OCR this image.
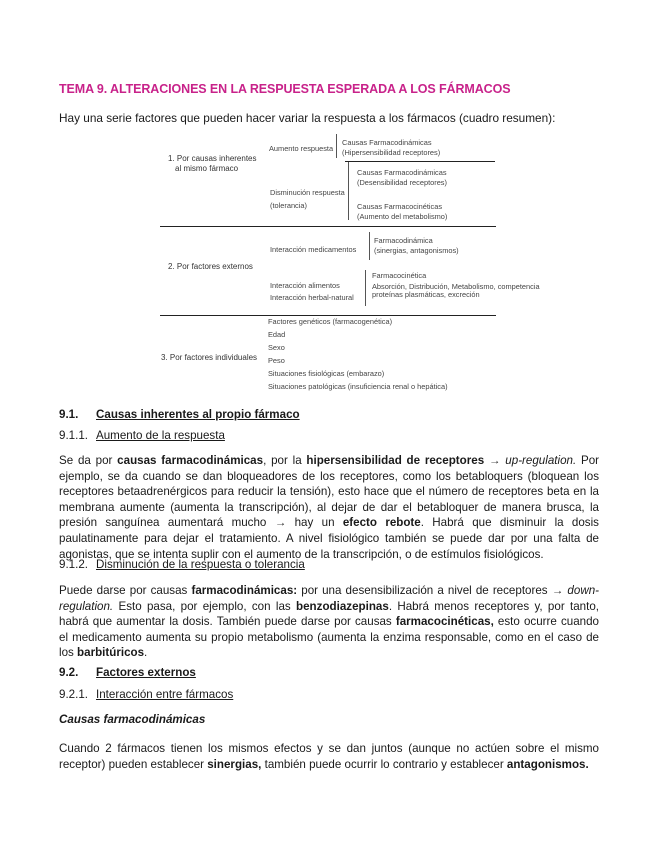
TEMA 9. ALTERACIONES EN LA RESPUESTA ESPERADA A LOS FÁRMACOS
Hay una serie factores que pueden hacer variar la respuesta a los fármacos (cuadro resumen):
1. Por causas inherentes
al mismo fármaco
Aumento respuesta
Causas Farmacodinámicas
(Hipersensibilidad receptores)
Disminución respuesta
(tolerancia)
Causas Farmacodinámicas
(Desensibilidad receptores)
Causas Farmacocinéticas
(Aumento del metabolismo)
2. Por factores externos
Interacción medicamentos
Farmacodinámica
(sinergias, antagonismos)
Interacción alimentos
Interacción herbal-natural
Farmacocinética
Absorción, Distribución, Metabolismo, competencia
proteínas plasmáticas, excreción
3. Por factores individuales
Factores genéticos (farmacogenética)
Edad
Sexo
Peso
Situaciones fisiológicas (embarazo)
Situaciones patológicas (insuficiencia renal o hepática)
9.1. Causas inherentes al propio fármaco
9.1.1. Aumento de la respuesta
Se da por causas farmacodinámicas, por la hipersensibilidad de receptores → up-regulation. Por ejemplo, se da cuando se dan bloqueadores de los receptores, como los betabloquers (bloquean los receptores betaadrenérgicos para reducir la tensión), esto hace que el número de receptores beta en la membrana aumente (aumenta la transcripción), al dejar de dar el betabloquer de manera brusca, la presión sanguínea aumentará mucho → hay un efecto rebote. Habrá que disminuir la dosis paulatinamente para dejar el tratamiento. A nivel fisiológico también se puede dar por una falta de agonistas, que se intenta suplir con el aumento de la transcripción, o de estímulos fisiológicos.
9.1.2. Disminución de la respuesta o tolerancia
Puede darse por causas farmacodinámicas: por una desensibilización a nivel de receptores → down-regulation. Esto pasa, por ejemplo, con las benzodiazepinas. Habrá menos receptores y, por tanto, habrá que aumentar la dosis. También puede darse por causas farmacocinéticas, esto ocurre cuando el medicamento aumenta su propio metabolismo (aumenta la enzima responsable, como en el caso de los barbitúricos.
9.2. Factores externos
9.2.1. Interacción entre fármacos
Causas farmacodinámicas
Cuando 2 fármacos tienen los mismos efectos y se dan juntos (aunque no actúen sobre el mismo receptor) pueden establecer sinergias, también puede ocurrir lo contrario y establecer antagonismos.
